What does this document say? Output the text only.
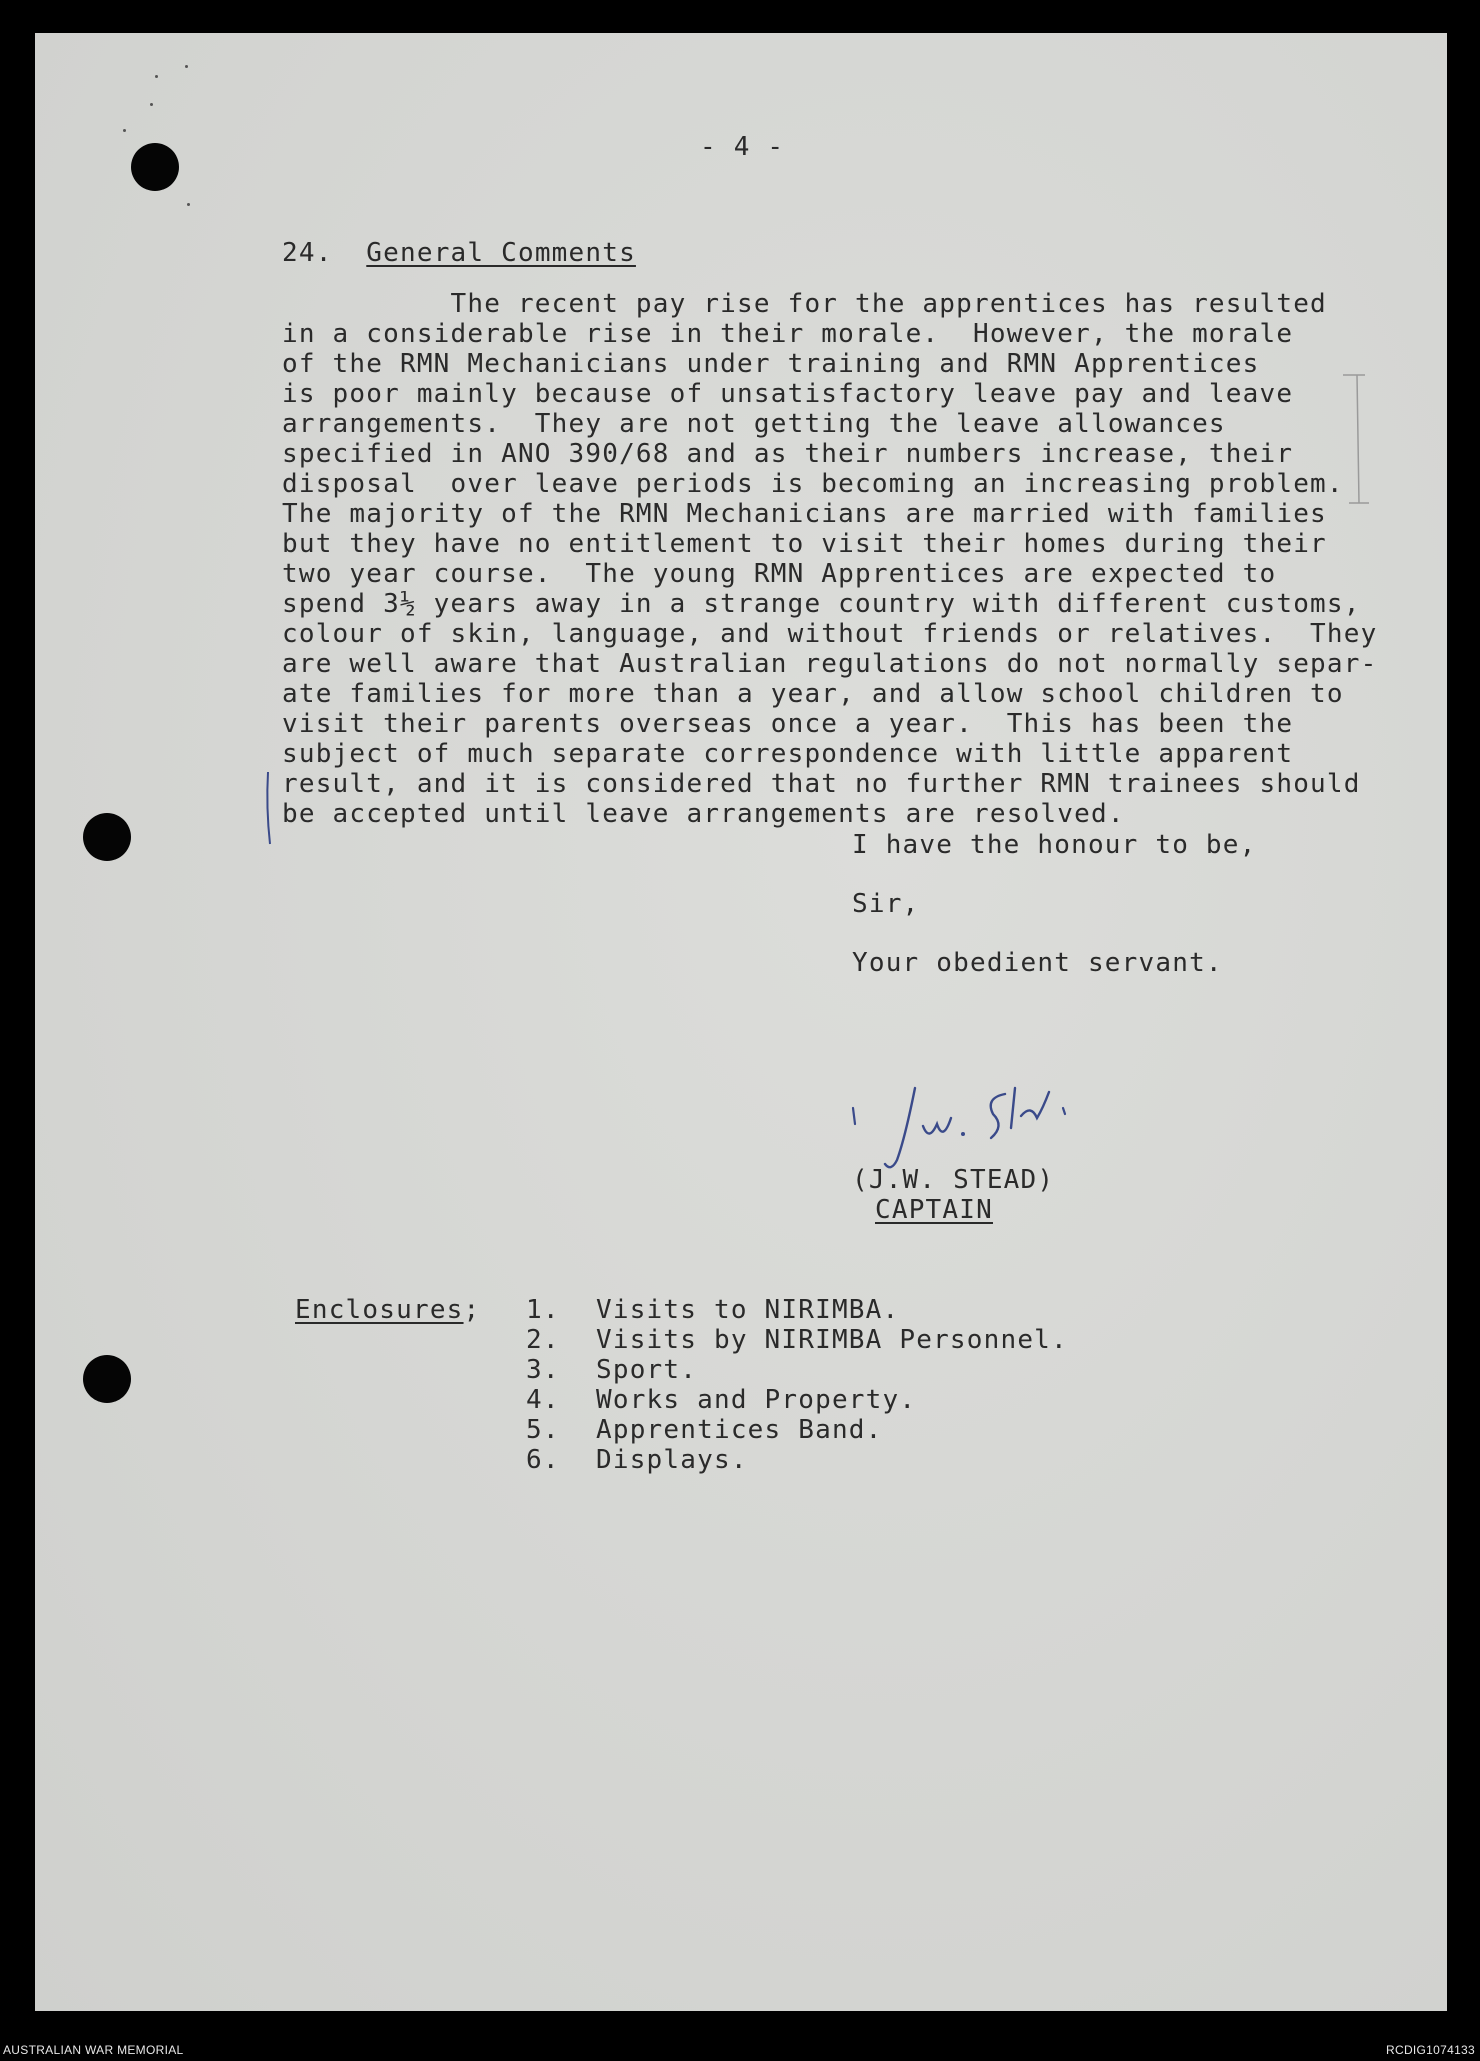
- 4 -
24. General Comments
The recent pay rise for the apprentices has resulted
in a considerable rise in their morale.  However, the morale
of the RMN Mechanicians under training and RMN Apprentices
is poor mainly because of unsatisfactory leave pay and leave
arrangements.  They are not getting the leave allowances
specified in ANO 390/68 and as their numbers increase, their
disposal  over leave periods is becoming an increasing problem.
The majority of the RMN Mechanicians are married with families
but they have no entitlement to visit their homes during their
two year course.  The young RMN Apprentices are expected to
spend 3½ years away in a strange country with different customs,
colour of skin, language, and without friends or relatives.  They
are well aware that Australian regulations do not normally separ-
ate families for more than a year, and allow school children to
visit their parents overseas once a year.  This has been the
subject of much separate correspondence with little apparent
result, and it is considered that no further RMN trainees should
be accepted until leave arrangements are resolved.
I have the honour to be,
Sir,
Your obedient servant.
(J.W. STEAD)
CAPTAIN
Enclosures; 1. Visits to NIRIMBA.
2. Visits by NIRIMBA Personnel.
3. Sport.
4. Works and Property.
5. Apprentices Band.
6. Displays.
AUSTRALIAN WAR MEMORIAL	RCDIG1074133
